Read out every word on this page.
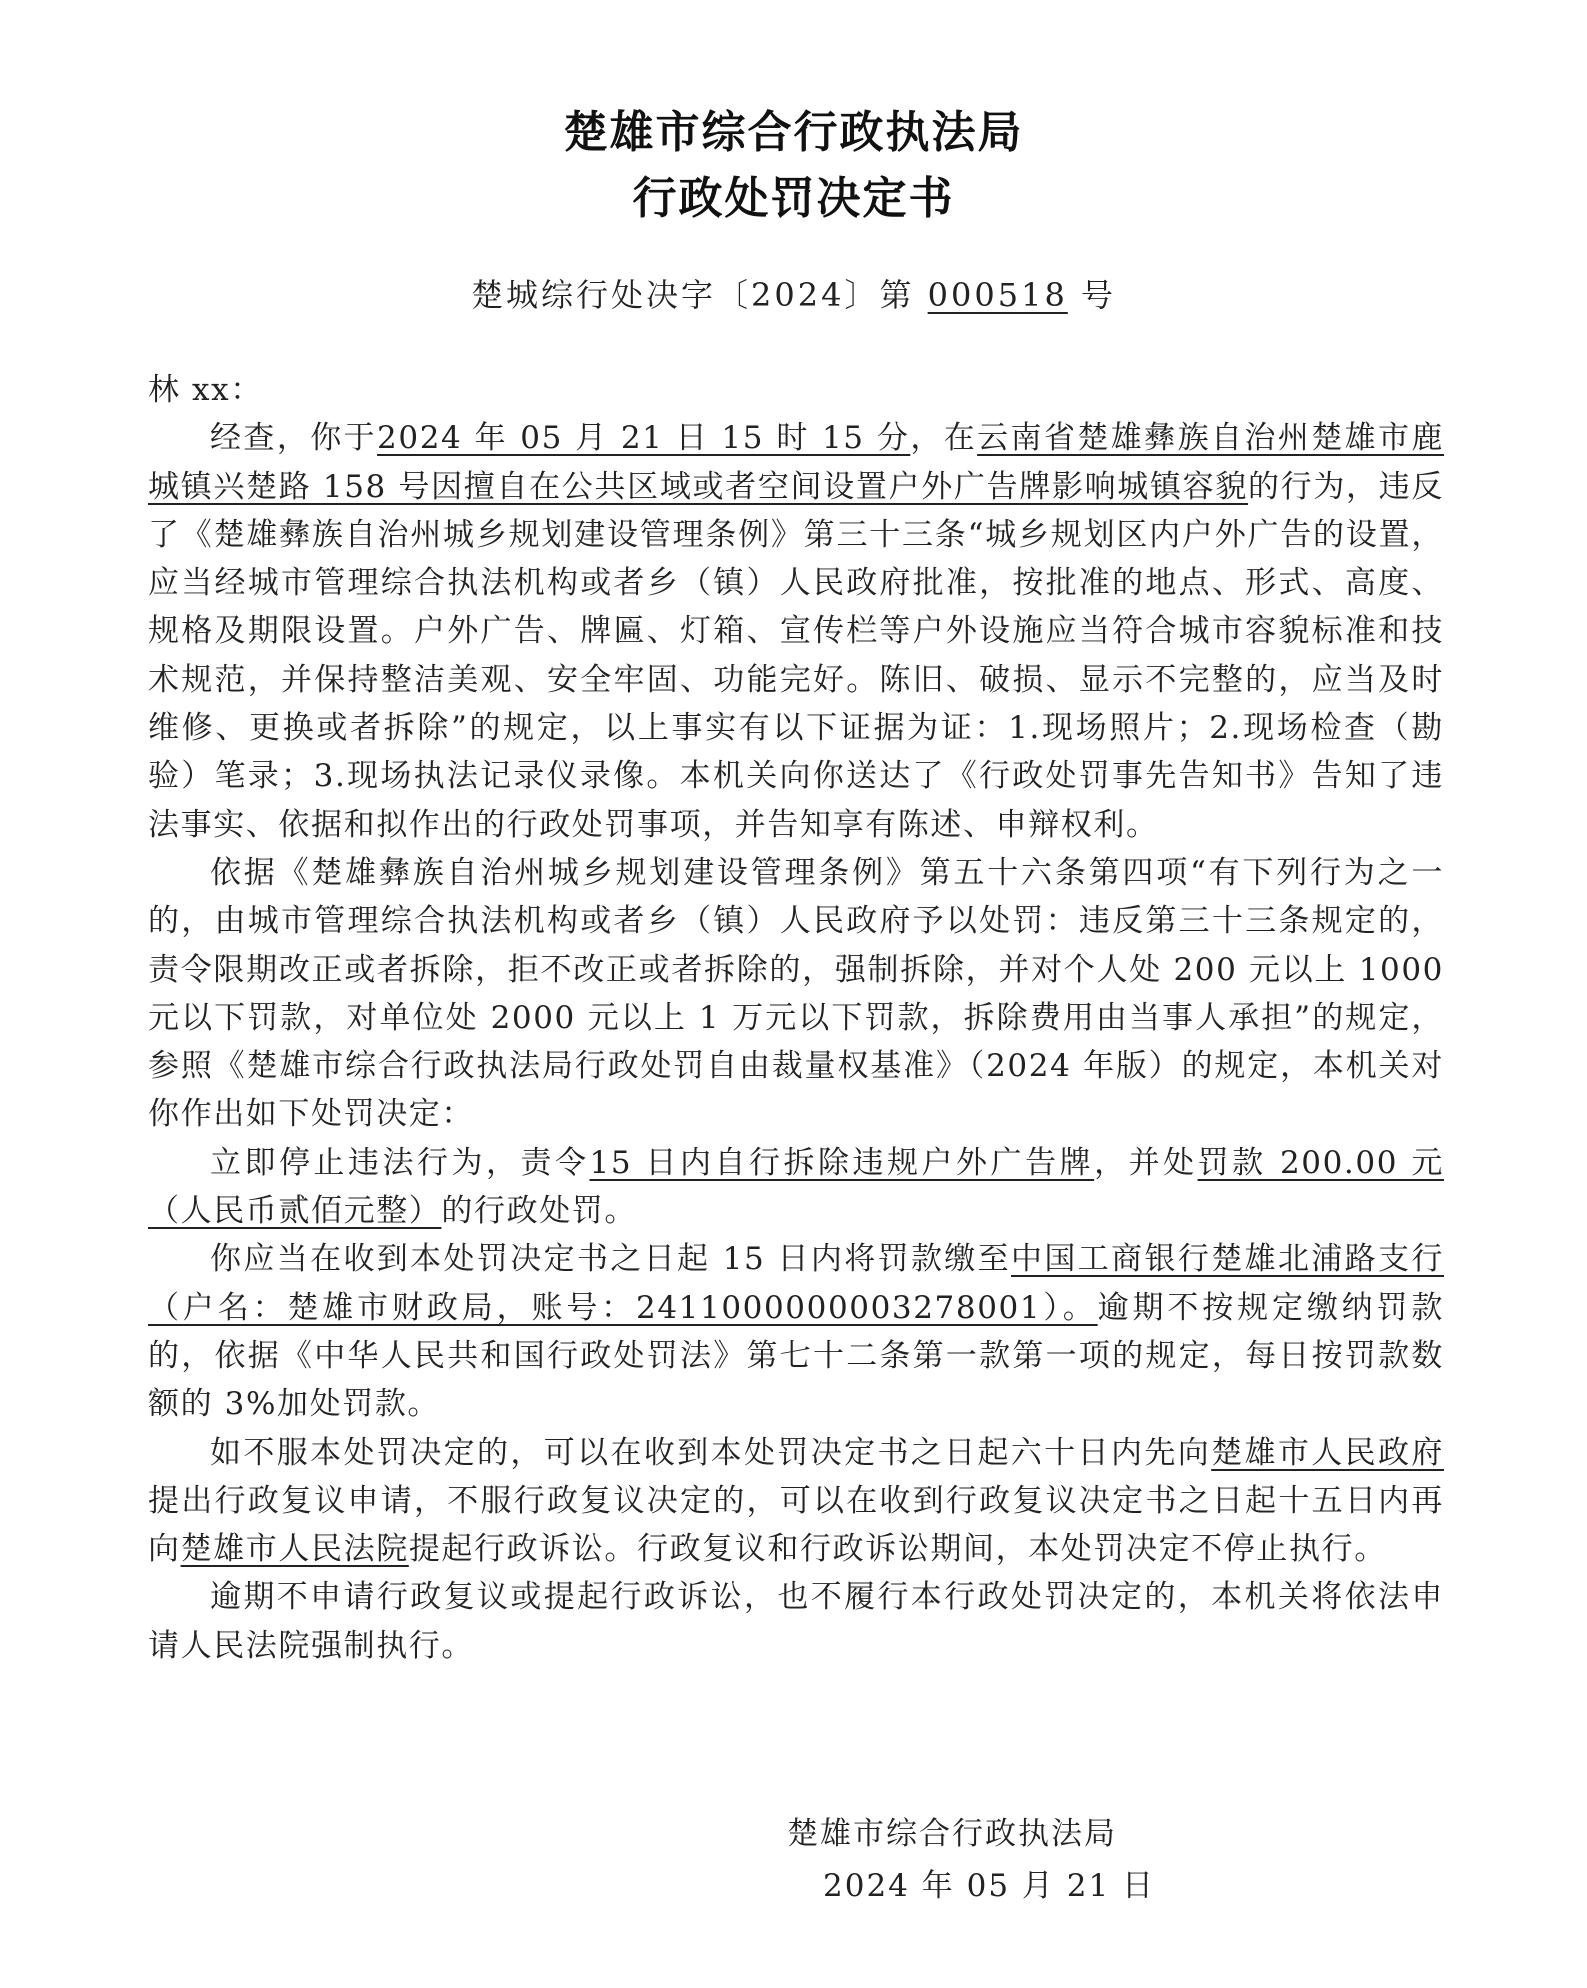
楚雄市综合行政执法局
行政处罚决定书
楚城综行处决字〔2024〕第 000518 号

林 xx：

经查，你于2024 年 05 月 21 日 15 时 15 分，在云南省楚雄彝族自治州楚雄市鹿城镇兴楚路 158 号因擅自在公共区域或者空间设置户外广告牌影响城镇容貌的行为，违反了《楚雄彝族自治州城乡规划建设管理条例》第三十三条“城乡规划区内户外广告的设置，应当经城市管理综合执法机构或者乡（镇）人民政府批准，按批准的地点、形式、高度、规格及期限设置。户外广告、牌匾、灯箱、宣传栏等户外设施应当符合城市容貌标准和技术规范，并保持整洁美观、安全牢固、功能完好。陈旧、破损、显示不完整的，应当及时维修、更换或者拆除”的规定，以上事实有以下证据为证：1.现场照片；2.现场检查（勘验）笔录；3.现场执法记录仪录像。本机关向你送达了《行政处罚事先告知书》告知了违法事实、依据和拟作出的行政处罚事项，并告知享有陈述、申辩权利。

依据《楚雄彝族自治州城乡规划建设管理条例》第五十六条第四项“有下列行为之一的，由城市管理综合执法机构或者乡（镇）人民政府予以处罚：违反第三十三条规定的，责令限期改正或者拆除，拒不改正或者拆除的，强制拆除，并对个人处 200 元以上 1000 元以下罚款，对单位处 2000 元以上 1 万元以下罚款，拆除费用由当事人承担”的规定，参照《楚雄市综合行政执法局行政处罚自由裁量权基准》（2024 年版）的规定，本机关对你作出如下处罚决定：

立即停止违法行为，责令15 日内自行拆除违规户外广告牌，并处罚款 200.00 元（人民币贰佰元整）的行政处罚。

你应当在收到本处罚决定书之日起 15 日内将罚款缴至中国工商银行楚雄北浦路支行（户名：楚雄市财政局，账号：2411000000003278001）。逾期不按规定缴纳罚款的，依据《中华人民共和国行政处罚法》第七十二条第一款第一项的规定，每日按罚款数额的 3%加处罚款。

如不服本处罚决定的，可以在收到本处罚决定书之日起六十日内先向楚雄市人民政府提出行政复议申请，不服行政复议决定的，可以在收到行政复议决定书之日起十五日内再向楚雄市人民法院提起行政诉讼。行政复议和行政诉讼期间，本处罚决定不停止执行。

逾期不申请行政复议或提起行政诉讼，也不履行本行政处罚决定的，本机关将依法申请人民法院强制执行。

楚雄市综合行政执法局
2024 年 05 月 21 日
